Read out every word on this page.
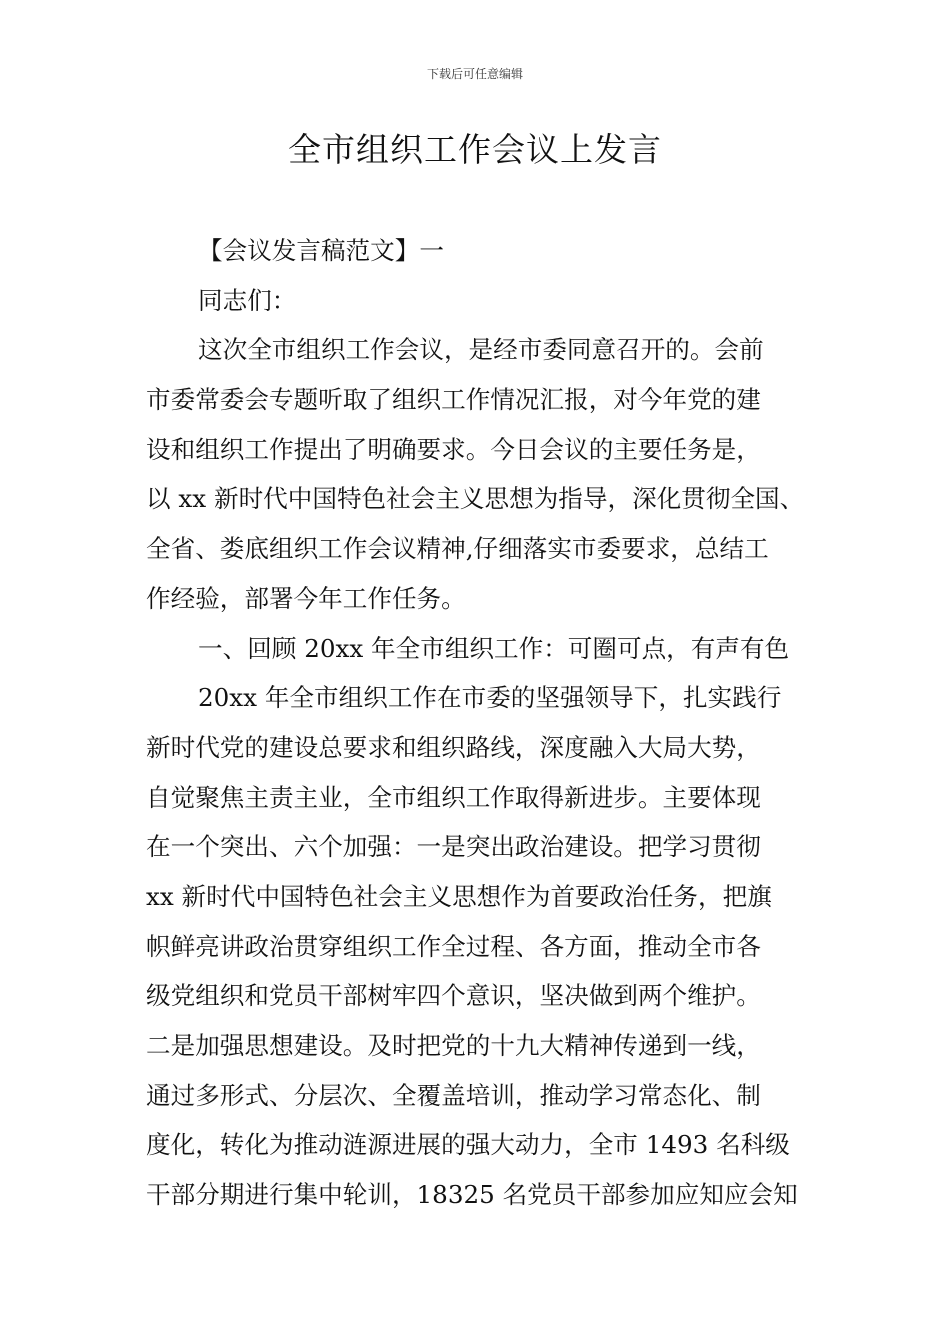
下载后可任意编辑
全市组织工作会议上发言
【会议发言稿范文】一
同志们：
这次全市组织工作会议，是经市委同意召开的。会前
市委常委会专题听取了组织工作情况汇报，对今年党的建
设和组织工作提出了明确要求。今日会议的主要任务是，
以 xx 新时代中国特色社会主义思想为指导，深化贯彻全国、
全省、娄底组织工作会议精神,仔细落实市委要求，总结工
作经验，部署今年工作任务。
一、回顾 20xx 年全市组织工作：可圈可点，有声有色
20xx 年全市组织工作在市委的坚强领导下，扎实践行
新时代党的建设总要求和组织路线，深度融入大局大势，
自觉聚焦主责主业，全市组织工作取得新进步。主要体现
在一个突出、六个加强：一是突出政治建设。把学习贯彻
xx 新时代中国特色社会主义思想作为首要政治任务，把旗
帜鲜亮讲政治贯穿组织工作全过程、各方面，推动全市各
级党组织和党员干部树牢四个意识，坚决做到两个维护。
二是加强思想建设。及时把党的十九大精神传递到一线，
通过多形式、分层次、全覆盖培训，推动学习常态化、制
度化，转化为推动涟源进展的强大动力，全市 1493 名科级
干部分期进行集中轮训，18325 名党员干部参加应知应会知
